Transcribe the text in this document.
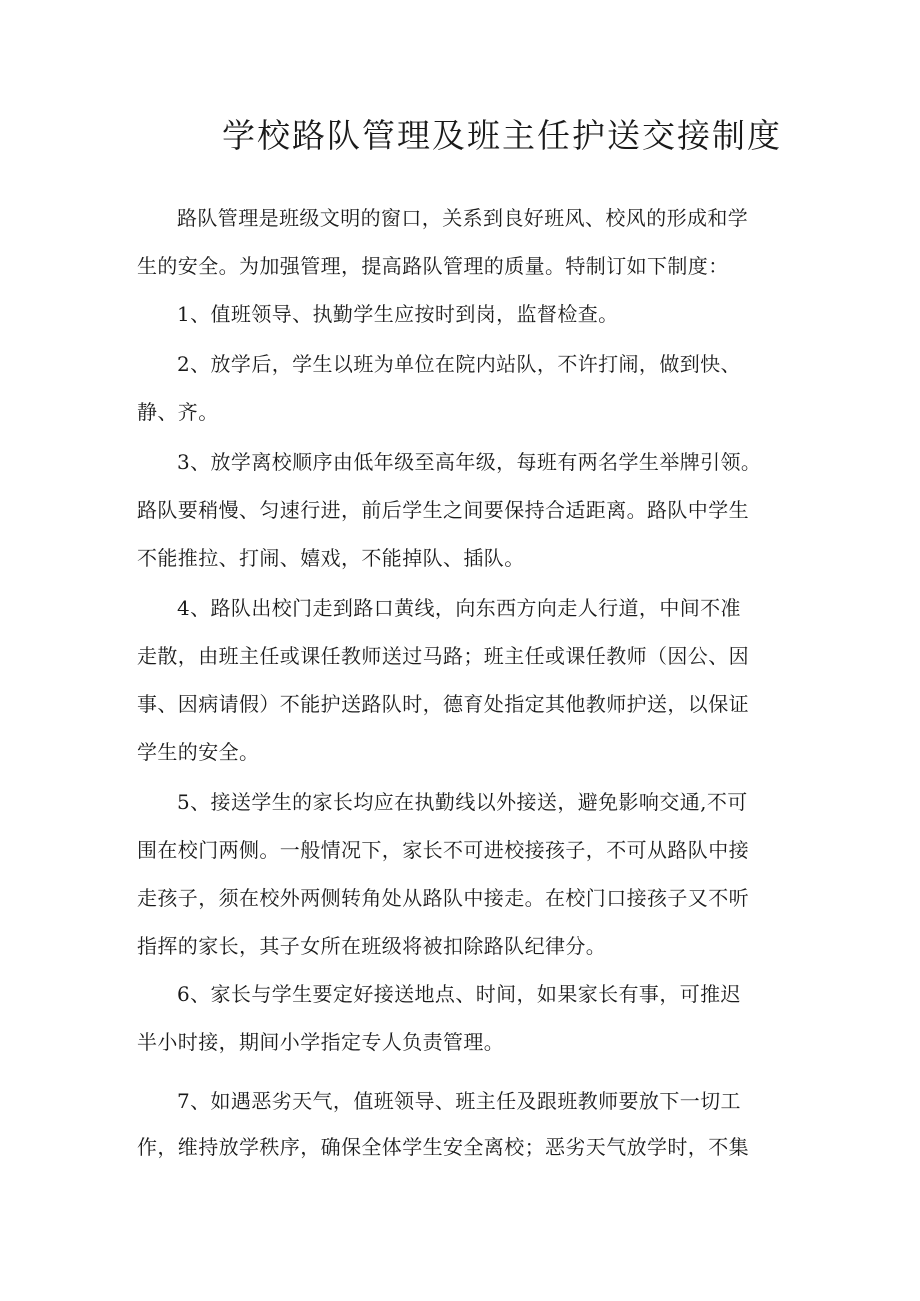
学校路队管理及班主任护送交接制度
路队管理是班级文明的窗口，关系到良好班风、校风的形成和学
生的安全。为加强管理，提高路队管理的质量。特制订如下制度：
1、值班领导、执勤学生应按时到岗，监督检查。
2、放学后，学生以班为单位在院内站队，不许打闹，做到快、
静、齐。
3、放学离校顺序由低年级至高年级，每班有两名学生举牌引领。
路队要稍慢、匀速行进，前后学生之间要保持合适距离。路队中学生
不能推拉、打闹、嬉戏，不能掉队、插队。
4、路队出校门走到路口黄线，向东西方向走人行道，中间不准
走散，由班主任或课任教师送过马路；班主任或课任教师（因公、因
事、因病请假）不能护送路队时，德育处指定其他教师护送，以保证
学生的安全。
5、接送学生的家长均应在执勤线以外接送，避免影响交通,不可
围在校门两侧。一般情况下，家长不可进校接孩子，不可从路队中接
走孩子，须在校外两侧转角处从路队中接走。在校门口接孩子又不听
指挥的家长，其子女所在班级将被扣除路队纪律分。
6、家长与学生要定好接送地点、时间，如果家长有事，可推迟
半小时接，期间小学指定专人负责管理。
7、如遇恶劣天气，值班领导、班主任及跟班教师要放下一切工
作，维持放学秩序，确保全体学生安全离校；恶劣天气放学时，不集
